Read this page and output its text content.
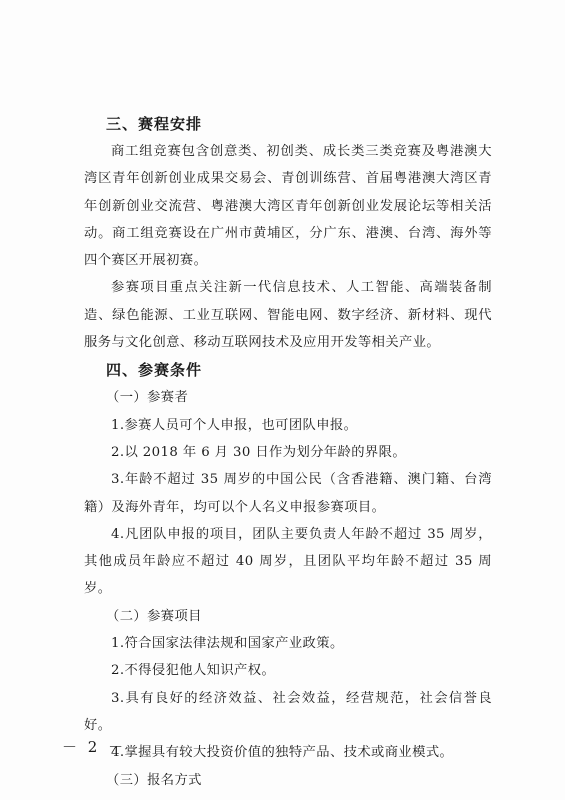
三、赛程安排

商工组竞赛包含创意类、初创类、成长类三类竞赛及粤港澳大湾区青年创新创业成果交易会、青创训练营、首届粤港澳大湾区青年创新创业交流营、粤港澳大湾区青年创新创业发展论坛等相关活动。商工组竞赛设在广州市黄埔区，分广东、港澳、台湾、海外等四个赛区开展初赛。

参赛项目重点关注新一代信息技术、人工智能、高端装备制造、绿色能源、工业互联网、智能电网、数字经济、新材料、现代服务与文化创意、移动互联网技术及应用开发等相关产业。

四、参赛条件

（一）参赛者

1.参赛人员可个人申报，也可团队申报。

2.以 2018 年 6 月 30 日作为划分年龄的界限。

3.年龄不超过 35 周岁的中国公民（含香港籍、澳门籍、台湾籍）及海外青年，均可以个人名义申报参赛项目。

4.凡团队申报的项目，团队主要负责人年龄不超过 35 周岁，其他成员年龄应不超过 40 周岁，且团队平均年龄不超过 35 周岁。

（二）参赛项目

1.符合国家法律法规和国家产业政策。

2.不得侵犯他人知识产权。

3.具有良好的经济效益、社会效益，经营规范，社会信誉良好。

4.掌握具有较大投资价值的独特产品、技术或商业模式。

（三）报名方式

－ 2 －
